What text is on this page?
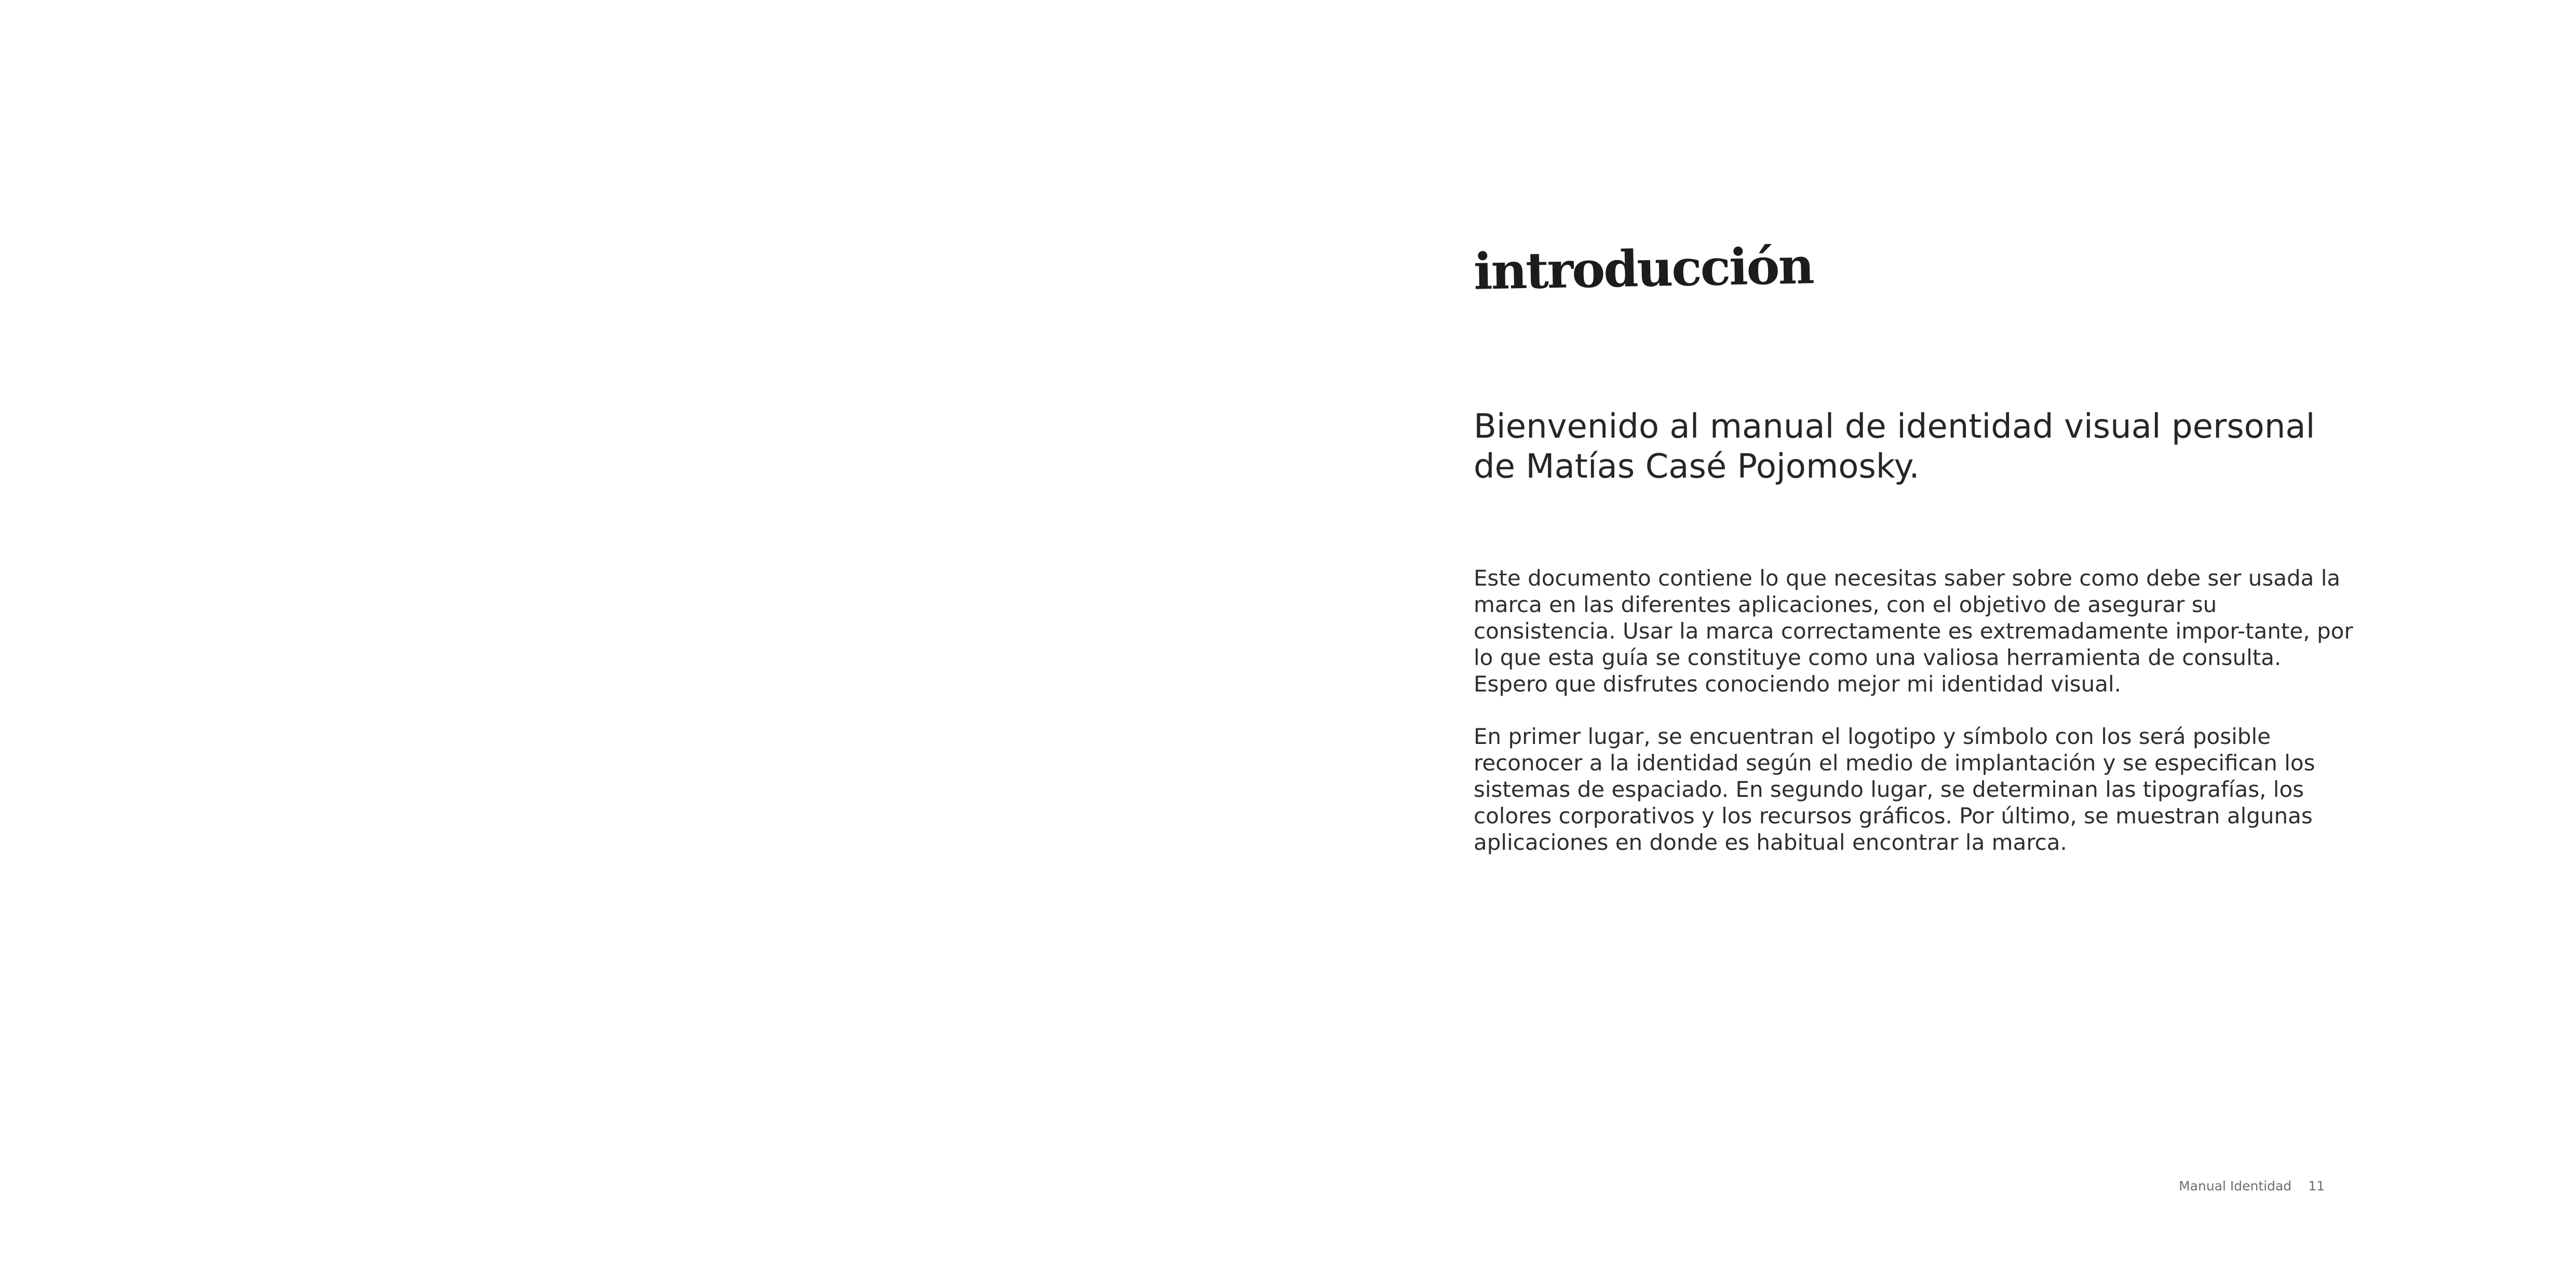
introducción
Bienvenido al manual de identidad visual personal de Matías Casé Pojomosky.

Este documento contiene lo que necesitas saber sobre como debe ser usada la marca en las diferentes aplicaciones, con el objetivo de asegurar su consistencia. Usar la marca correctamente es extremadamente impor-tante, por lo que esta guía se constituye como una valiosa herramienta de consulta. Espero que disfrutes conociendo mejor mi identidad visual.

En primer lugar, se encuentran el logotipo y símbolo con los será posible reconocer a la identidad según el medio de implantación y se especifican los sistemas de espaciado. En segundo lugar, se determinan las tipografías, los colores corporativos y los recursos gráficos. Por último, se muestran algunas aplicaciones en donde es habitual encontrar la marca.

Manual Identidad 11
